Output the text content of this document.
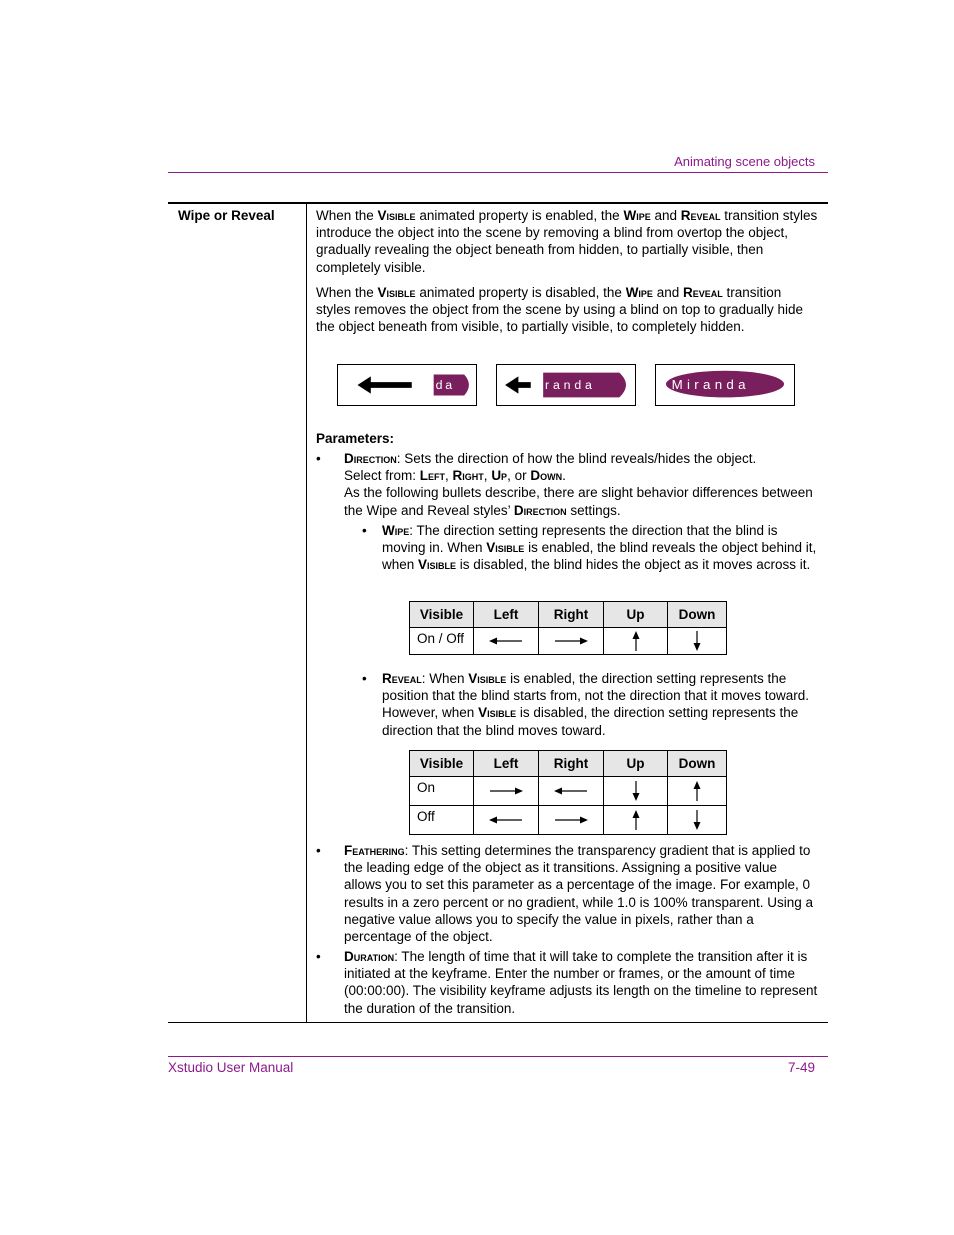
Animating scene objects
Wipe or Reveal	When the Visible animated property is enabled, the Wipe and Reveal transition styles introduce the object into the scene by removing a blind from overtop the object, gradually revealing the object beneath from hidden, to partially visible, then completely visible.

When the Visible animated property is disabled, the Wipe and Reveal transition styles removes the object from the scene by using a blind on top to gradually hide the object beneath from visible, to partially visible, to completely hidden.

da	randa	Miranda
Parameters:
• Direction: Sets the direction of how the blind reveals/hides the object.
Select from: Left, Right, Up, or Down.
As the following bullets describe, there are slight behavior differences between the Wipe and Reveal styles’ Direction settings.
• Wipe: The direction setting represents the direction that the blind is moving in. When Visible is enabled, the blind reveals the object behind it, when Visible is disabled, the blind hides the object as it moves across it.
Visible	Left	Right	Up	Down
On / Off	

• Reveal: When Visible is enabled, the direction setting represents the position that the blind starts from, not the direction that it moves toward. However, when Visible is disabled, the direction setting represents the direction that the blind moves toward.
Visible	Left	Right	Up	Down
On	

Off	

• Feathering: This setting determines the transparency gradient that is applied to the leading edge of the object as it transitions. Assigning a positive value allows you to set this parameter as a percentage of the image. For example, 0 results in a zero percent or no gradient, while 1.0 is 100% transparent. Using a negative value allows you to specify the value in pixels, rather than a percentage of the object.
• Duration: The length of time that it will take to complete the transition after it is initiated at the keyframe. Enter the number or frames, or the amount of time (00:00:00). The visibility keyframe adjusts its length on the timeline to represent the duration of the transition.
Xstudio User Manual	7-49
